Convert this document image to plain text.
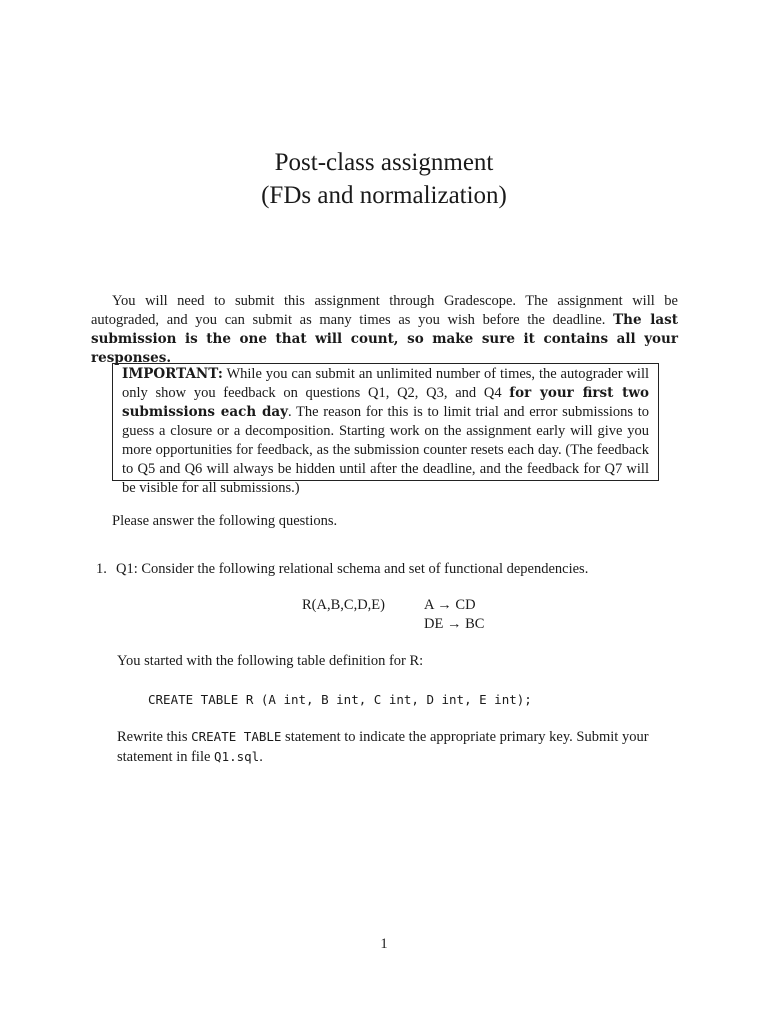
Post-class assignment
(FDs and normalization)
You will need to submit this assignment through Gradescope. The assignment will be autograded, and you can submit as many times as you wish before the deadline. The last submission is the one that will count, so make sure it contains all your responses.
IMPORTANT: While you can submit an unlimited number of times, the autograder will only show you feedback on questions Q1, Q2, Q3, and Q4 for your first two submissions each day. The reason for this is to limit trial and error submissions to guess a closure or a decomposition. Starting work on the assignment early will give you more opportunities for feedback, as the submission counter resets each day. (The feedback to Q5 and Q6 will always be hidden until after the deadline, and the feedback for Q7 will be visible for all submissions.)
Please answer the following questions.
1. Q1: Consider the following relational schema and set of functional dependencies.
R(A,B,C,D,E)	A → CD
DE → BC
You started with the following table definition for R:
CREATE TABLE R (A int, B int, C int, D int, E int);
Rewrite this CREATE TABLE statement to indicate the appropriate primary key. Submit your statement in file Q1.sql.
1
